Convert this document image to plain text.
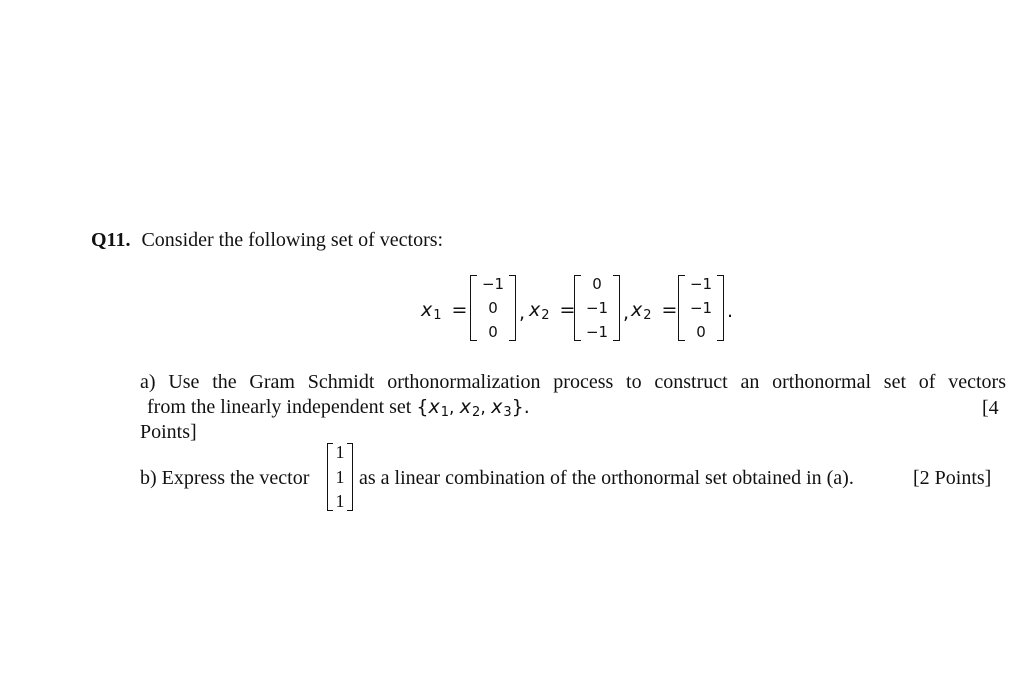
Q11. Consider the following set of vectors:
$x_1$ =
−1
0
0
, $x_2$ =
0
−1
−1
, $x_2$ =
−1
−1
0
.
a) Use the Gram Schmidt orthonormalization process to construct an orthonormal set of vectors
from the linearly independent set {$x_1$, $x_2$, $x_3$}.	[4
Points]
b) Express the vector
1
1
1
as a linear combination of the orthonormal set obtained in (a).	[2 Points]
